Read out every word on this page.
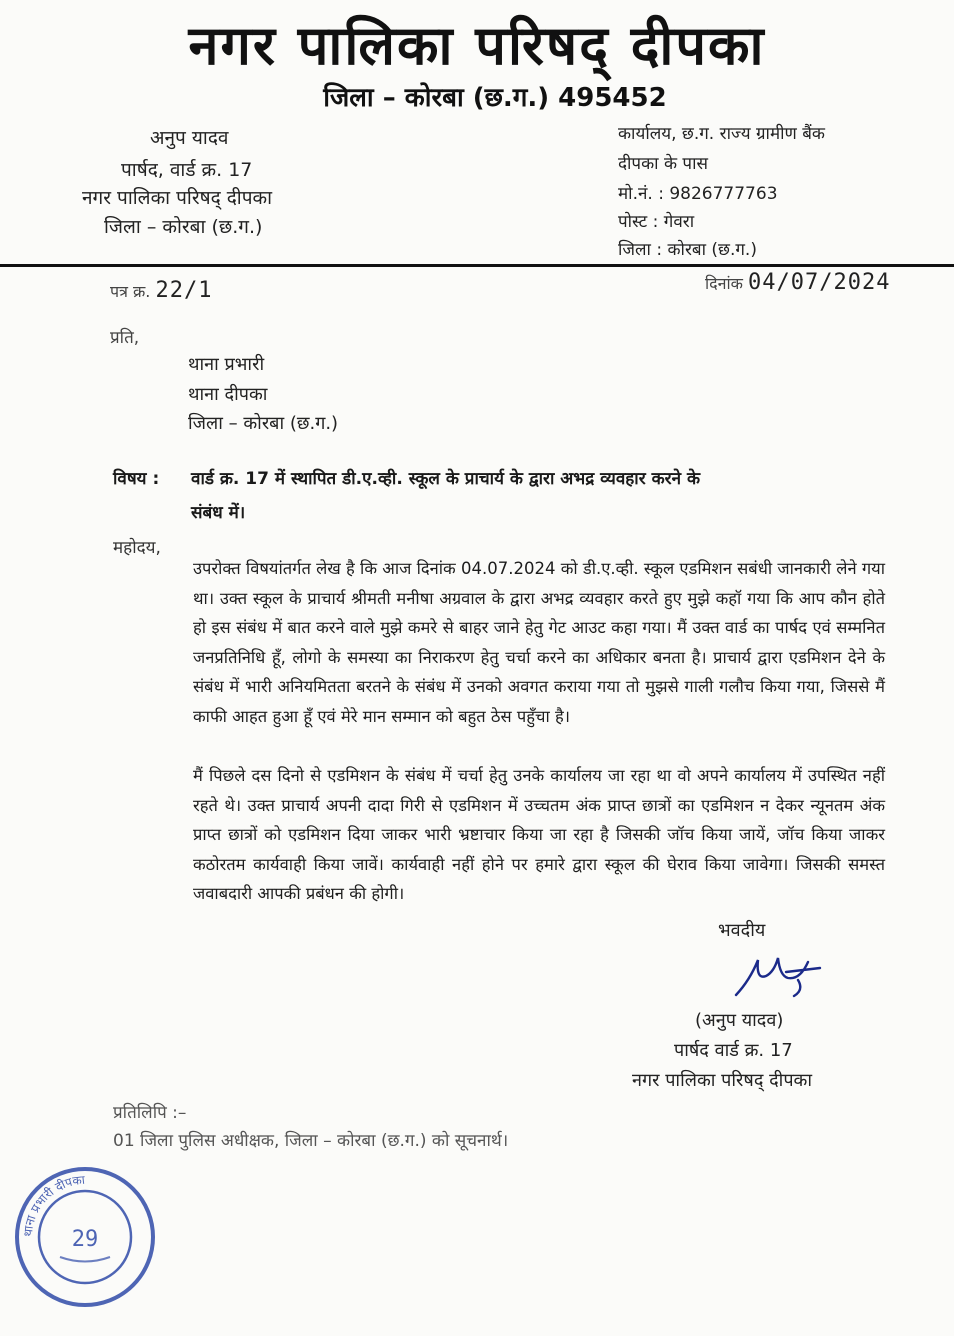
नगर पालिका परिषद् दीपका
जिला – कोरबा (छ.ग.) 495452
अनुप यादव
पार्षद, वार्ड क्र. 17
नगर पालिका परिषद् दीपका
जिला – कोरबा (छ.ग.)
कार्यालय, छ.ग. राज्य ग्रामीण बैंक
दीपका के पास
मो.नं. : 9826777763
पोस्ट : गेवरा
जिला : कोरबा (छ.ग.)
पत्र क्र. 22/1	दिनांक 04/07/2024
प्रति,
थाना प्रभारी
थाना दीपका
जिला – कोरबा (छ.ग.)
विषय : वार्ड क्र. 17 में स्थापित डी.ए.व्ही. स्कूल के प्राचार्य के द्वारा अभद्र व्यवहार करने के
संबंध में।
महोदय,
उपरोक्त विषयांतर्गत लेख है कि आज दिनांक 04.07.2024 को डी.ए.व्ही. स्कूल एडमिशन सबंधी जानकारी लेने गया था। उक्त स्कूल के प्राचार्य श्रीमती मनीषा अग्रवाल के द्वारा अभद्र व्यवहार करते हुए मुझे कहॉ गया कि आप कौन होते हो इस संबंध में बात करने वाले मुझे कमरे से बाहर जाने हेतु गेट आउट कहा गया। मैं उक्त वार्ड का पार्षद एवं सम्मनित जनप्रतिनिधि हूँ, लोगो के समस्या का निराकरण हेतु चर्चा करने का अधिकार बनता है। प्राचार्य द्वारा एडमिशन देने के संबंध में भारी अनियमितता बरतने के संबंध में उनको अवगत कराया गया तो मुझसे गाली गलौच किया गया, जिससे मैं काफी आहत हुआ हूँ एवं मेरे मान सम्मान को बहुत ठेस पहुँचा है।
मैं पिछले दस दिनो से एडमिशन के संबंध में चर्चा हेतु उनके कार्यालय जा रहा था वो अपने कार्यालय में उपस्थित नहीं रहते थे। उक्त प्राचार्य अपनी दादा गिरी से एडमिशन में उच्चतम अंक प्राप्त छात्रों का एडमिशन न देकर न्यूनतम अंक प्राप्त छात्रों को एडमिशन दिया जाकर भारी भ्रष्टाचार किया जा रहा है जिसकी जॉच किया जायें, जॉच किया जाकर कठोरतम कार्यवाही किया जावें। कार्यवाही नहीं होने पर हमारे द्वारा स्कूल की घेराव किया जावेगा। जिसकी समस्त जवाबदारी आपकी प्रबंधन की होगी।
भवदीय
(अनुप यादव)
पार्षद वार्ड क्र. 17
नगर पालिका परिषद् दीपका
प्रतिलिपि :–
01 जिला पुलिस अधीक्षक, जिला – कोरबा (छ.ग.) को सूचनार्थ।
थाना प्रभारी दीपका
29
